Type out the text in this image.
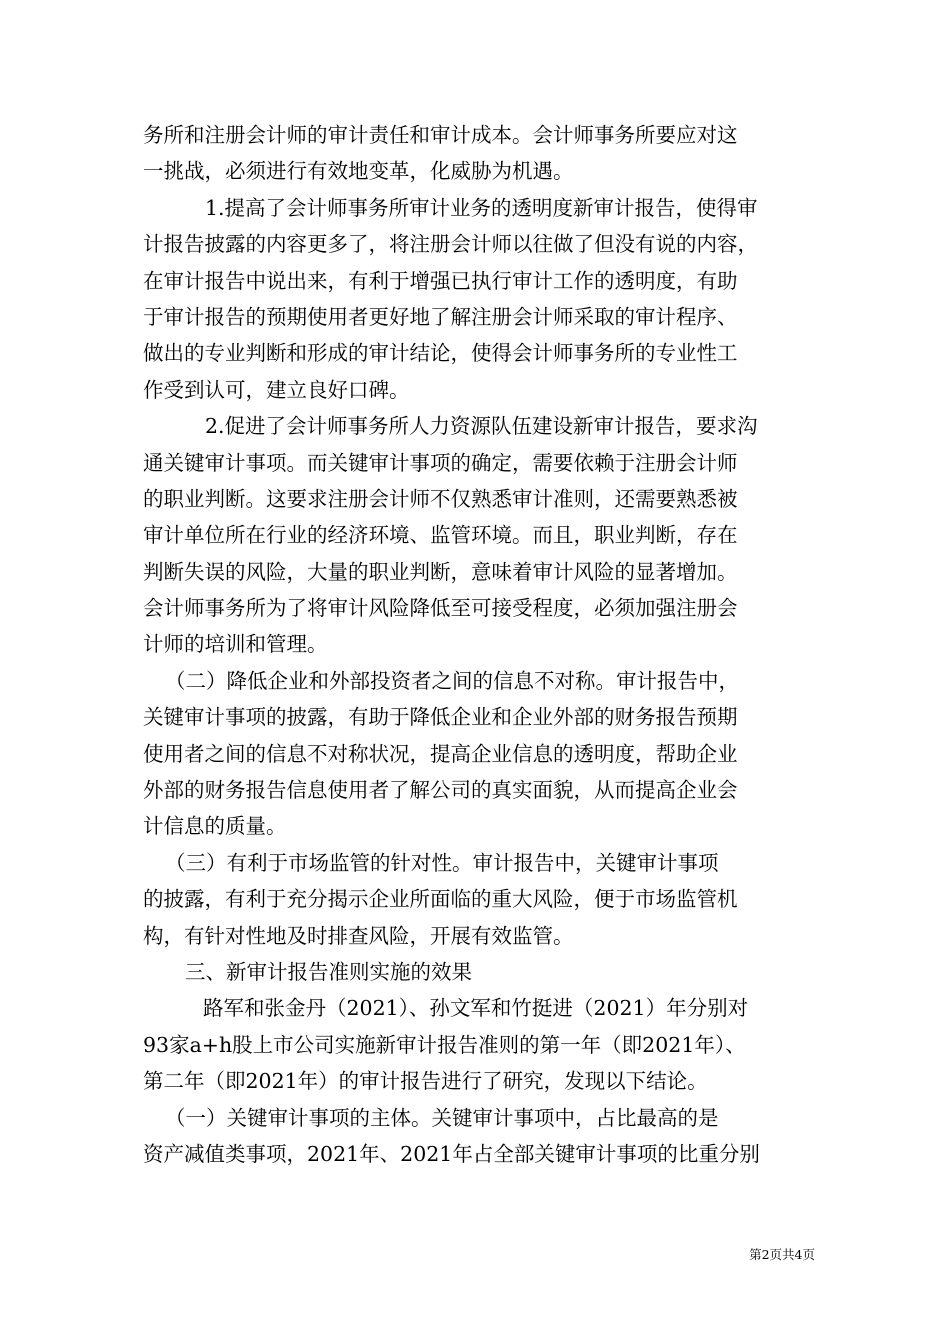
务所和注册会计师的审计责任和审计成本。会计师事务所要应对这
一挑战，必须进行有效地变革，化威胁为机遇。
1.提高了会计师事务所审计业务的透明度新审计报告，使得审
计报告披露的内容更多了，将注册会计师以往做了但没有说的内容，
在审计报告中说出来，有利于增强已执行审计工作的透明度，有助
于审计报告的预期使用者更好地了解注册会计师采取的审计程序、
做出的专业判断和形成的审计结论，使得会计师事务所的专业性工
作受到认可，建立良好口碑。
2.促进了会计师事务所人力资源队伍建设新审计报告，要求沟
通关键审计事项。而关键审计事项的确定，需要依赖于注册会计师
的职业判断。这要求注册会计师不仅熟悉审计准则，还需要熟悉被
审计单位所在行业的经济环境、监管环境。而且，职业判断，存在
判断失误的风险，大量的职业判断，意味着审计风险的显著增加。
会计师事务所为了将审计风险降低至可接受程度，必须加强注册会
计师的培训和管理。
（二）降低企业和外部投资者之间的信息不对称。审计报告中，
关键审计事项的披露，有助于降低企业和企业外部的财务报告预期
使用者之间的信息不对称状况，提高企业信息的透明度，帮助企业
外部的财务报告信息使用者了解公司的真实面貌，从而提高企业会
计信息的质量。
（三）有利于市场监管的针对性。审计报告中，关键审计事项
的披露，有利于充分揭示企业所面临的重大风险，便于市场监管机
构，有针对性地及时排查风险，开展有效监管。
三、新审计报告准则实施的效果
路军和张金丹（2021）、孙文军和竹挺进（2021）年分别对
93家a+h股上市公司实施新审计报告准则的第一年（即2021年）、
第二年（即2021年）的审计报告进行了研究，发现以下结论。
（一）关键审计事项的主体。关键审计事项中，占比最高的是
资产减值类事项，2021年、2021年占全部关键审计事项的比重分别
第2页共4页
